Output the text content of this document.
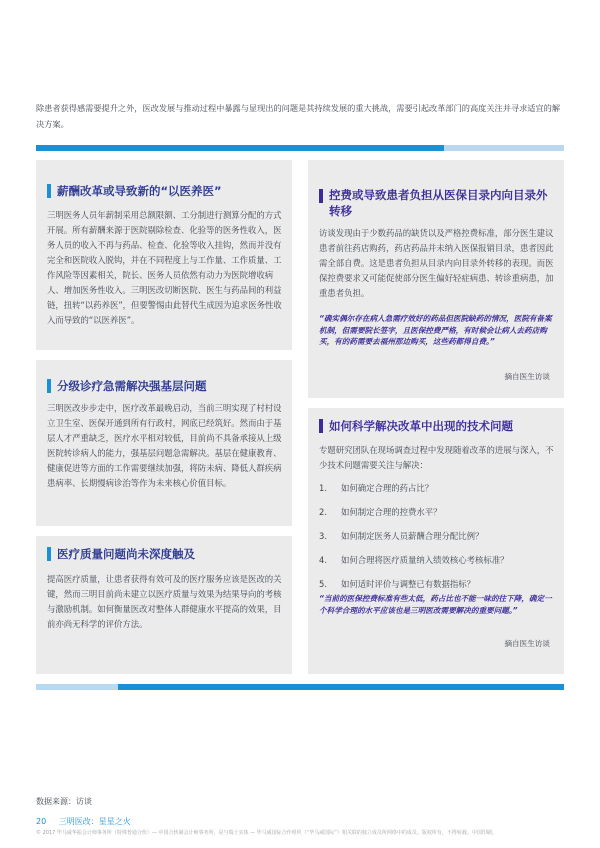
除患者获得感需要提升之外，医改发展与推动过程中暴露与显现出的问题是其持续发展的重大挑战，需要引起改革部门的高度关注并寻求适宜的解决方案。

薪酬改革或导致新的“以医养医”

三明医务人员年薪制采用总额限额、工分制进行测算分配的方式开展。所有薪酬来源于医院剔除检查、化验等的医务性收入，医务人员的收入不再与药品、检查、化验等收入挂钩，然而并没有完全和医院收入脱钩，并在不同程度上与工作量、工作质量、工作风险等因素相关，院长、医务人员依然有动力为医院增收病人、增加医务性收入。三明医改切断医院、医生与药品间的利益链，扭转“以药养医”，但要警惕由此替代生成因为追求医务性收入而导致的“以医养医”。

分级诊疗急需解决强基层问题

三明医改步步走中，医疗改革最晚启动，当前三明实现了村村设立卫生室、医保开通到所有行政村，网底已经筑好。然而由于基层人才严重缺乏，医疗水平相对较低，目前尚不具备承接从上级医院转诊病人的能力，强基层问题急需解决。基层在健康教育、健康促进等方面的工作需要继续加强，将防未病、降低人群疾病患病率、长期慢病诊治等作为未来核心价值目标。

医疗质量问题尚未深度触及

提高医疗质量，让患者获得有效可及的医疗服务应该是医改的关键，然而三明目前尚未建立以医疗质量与效果为结果导向的考核与激励机制。如何衡量医改对整体人群健康水平提高的效果，目前亦尚无科学的评价方法。

控费或导致患者负担从医保目录内向目录外转移

访谈发现由于少数药品的缺货以及严格控费标准，部分医生建议患者前往药店购药，药店药品并未纳入医保报销目录，患者因此需全部自费。这是患者负担从目录内向目录外转移的表现。而医保控费要求又可能促使部分医生偏好轻症病患、转诊重病患，加重患者负担。

“确实偶尔存在病人急需疗效好的药品但医院缺药的情况，医院有备案机制，但需要院长签字，且医保控费严格，有时候会让病人去药店购买，有的药需要去福州那边购买，这些药都得自费。”

摘自医生访谈
如何科学解决改革中出现的技术问题

专题研究团队在现场调查过程中发现随着改革的进展与深入，不少技术问题需要关注与解决：

1.	如何确定合理的药占比？
2.	如何制定合理的控费水平？
3.	如何制定医务人员薪酬合理分配比例？
4.	如何合理将医疗质量纳入绩效核心考核标准？
5.	如何适时评价与调整已有数据指标？

“当前的医保控费标准有些太低，药占比也不能一味的往下降，确定一个科学合理的水平应该也是三明医改需要解决的重要问题。”

摘自医生访谈
数据来源：访谈
20 三明医改：星星之火
© 2017 毕马威华振会计师事务所（特殊普通合伙）— 中国合伙制会计师事务所，是与瑞士实体 — 毕马威国际合作组织（“毕马威国际”）相关联的独立成员所网络中的成员。版权所有，不得转载。中国印刷。
